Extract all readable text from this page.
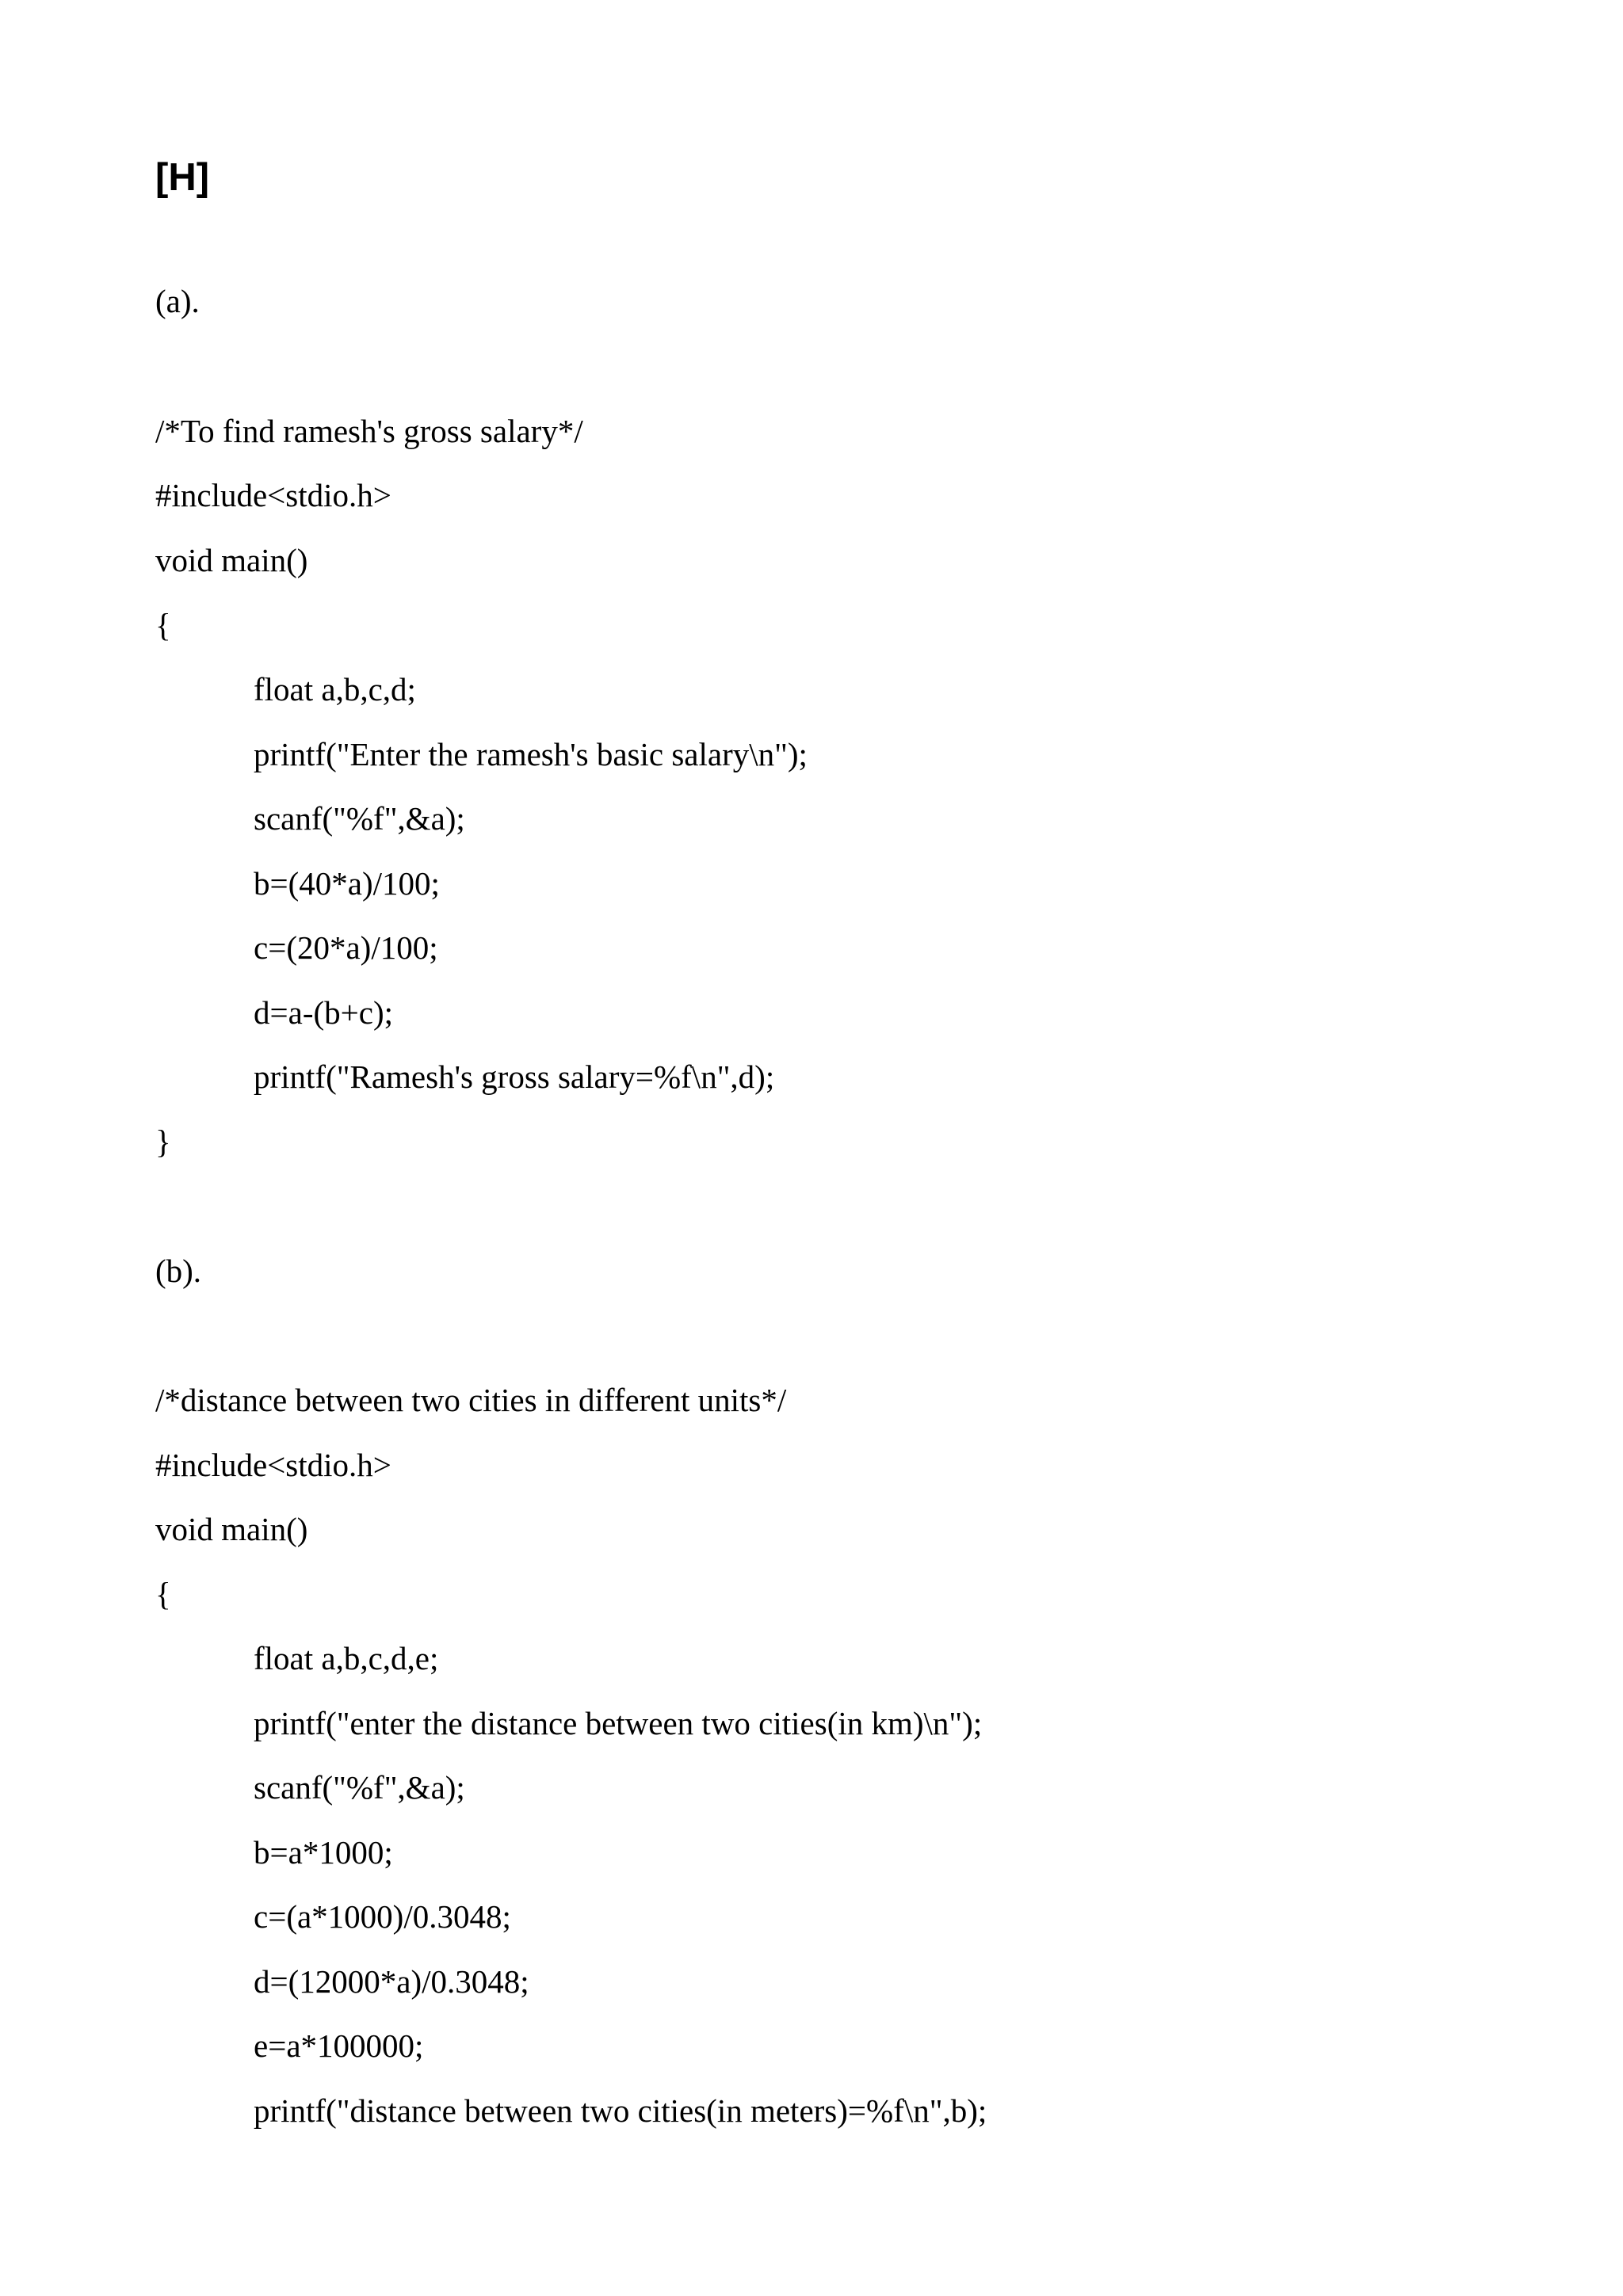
[H]
(a).
/*To find ramesh's gross salary*/
#include<stdio.h>
void main()
{
float a,b,c,d;
printf("Enter the ramesh's basic salary\n");
scanf("%f",&a);
b=(40*a)/100;
c=(20*a)/100;
d=a-(b+c);
printf("Ramesh's gross salary=%f\n",d);
}
(b).
/*distance between two cities in different units*/
#include<stdio.h>
void main()
{
float a,b,c,d,e;
printf("enter the distance between two cities(in km)\n");
scanf("%f",&a);
b=a*1000;
c=(a*1000)/0.3048;
d=(12000*a)/0.3048;
e=a*100000;
printf("distance between two cities(in meters)=%f\n",b);
